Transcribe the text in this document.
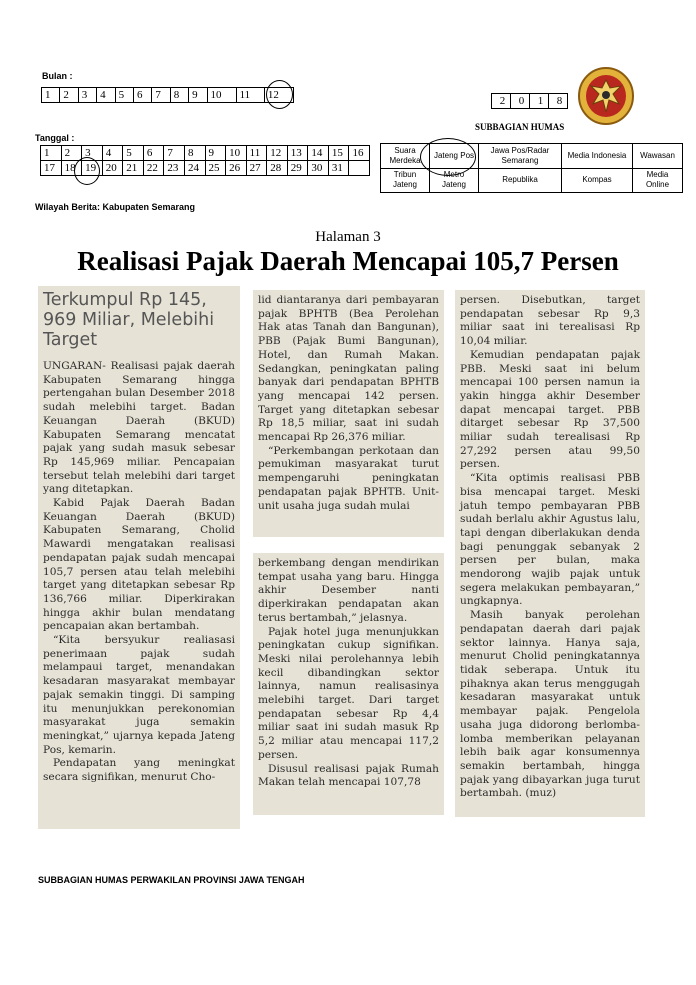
Bulan :
1	2	3	4	5	6	7	8	9	10	11	12	2	0	1	8
SUBBAGIAN HUMAS
Tanggal :
1	2	3	4	5	6	7	8	9	10	11	12	13	14	15	16
17	18	19	20	21	22	23	24	25	26	27	28	29	30	31	
Suara Merdeka	Jateng Pos	Jawa Pos/Radar Semarang	Media Indonesia	Wawasan
Tribun Jateng	Metro Jateng	Republika	Kompas	Media Online
Wilayah Berita: Kabupaten Semarang
Halaman 3
Realisasi Pajak Daerah Mencapai 105,7 Persen
Terkumpul Rp 145, 969 Miliar, Melebihi Target

UNGARAN- Realisasi pajak daerah Kabupaten Semarang hingga pertengahan bulan Desember 2018 sudah melebihi target. Badan Keuangan Daerah (BKUD) Kabupaten Semarang mencatat pajak yang sudah masuk sebesar Rp 145,969 miliar. Pencapaian tersebut telah melebihi dari target yang ditetapkan.

Kabid Pajak Daerah Badan Keuangan Daerah (BKUD) Kabupaten Semarang, Cholid Mawardi mengatakan realisasi pendapatan pajak sudah mencapai 105,7 persen atau telah melebihi target yang ditetapkan sebesar Rp 136,766 miliar. Diperkirakan hingga akhir bulan mendatang pencapaian akan bertambah.

“Kita bersyukur realiasasi penerimaan pajak sudah melampaui target, menandakan kesadaran masyarakat membayar pajak semakin tinggi. Di samping itu menunjukkan perekonomian masyarakat juga semakin meningkat,” ujarnya kepada Jateng Pos, kemarin.

Pendapatan yang meningkat secara signifikan, menurut Cho-

lid diantaranya dari pembayaran pajak BPHTB (Bea Perolehan Hak atas Tanah dan Bangunan), PBB (Pajak Bumi Bangunan), Hotel, dan Rumah Makan. Sedangkan, peningkatan paling banyak dari pendapatan BPHTB yang mencapai 142 persen. Target yang ditetapkan sebesar Rp 18,5 miliar, saat ini sudah mencapai Rp 26,376 miliar.

“Perkembangan perkotaan dan pemukiman masyarakat turut mempengaruhi peningkatan pendapatan pajak BPHTB. Unit-unit usaha juga sudah mulai

berkembang dengan mendirikan tempat usaha yang baru. Hingga akhir Desember nanti diperkirakan pendapatan akan terus bertambah,” jelasnya.

Pajak hotel juga menunjukkan peningkatan cukup signifikan. Meski nilai perolehannya lebih kecil dibandingkan sektor lainnya, namun realisasinya melebihi target. Dari target pendapatan sebesar Rp 4,4 miliar saat ini sudah masuk Rp 5,2 miliar atau mencapai 117,2 persen.

Disusul realisasi pajak Rumah Makan telah mencapai 107,78

persen. Disebutkan, target pendapatan sebesar Rp 9,3 miliar saat ini terealisasi Rp 10,04 miliar.

Kemudian pendapatan pajak PBB. Meski saat ini belum mencapai 100 persen namun ia yakin hingga akhir Desember dapat mencapai target. PBB ditarget sebesar Rp 37,500 miliar sudah terealisasi Rp 27,292 persen atau 99,50 persen.

“Kita optimis realisasi PBB bisa mencapai target. Meski jatuh tempo pembayaran PBB sudah berlalu akhir Agustus lalu, tapi dengan diberlakukan denda bagi penunggak sebanyak 2 persen per bulan, maka mendorong wajib pajak untuk segera melakukan pembayaran,” ungkapnya.

Masih banyak perolehan pendapatan daerah dari pajak sektor lainnya. Hanya saja, menurut Cholid peningkatannya tidak seberapa. Untuk itu pihaknya akan terus menggugah kesadaran masyarakat untuk membayar pajak. Pengelola usaha juga didorong berlomba-lomba memberikan pelayanan lebih baik agar konsumennya semakin bertambah, hingga pajak yang dibayarkan juga turut bertambah. (muz)

SUBBAGIAN HUMAS PERWAKILAN PROVINSI JAWA TENGAH
